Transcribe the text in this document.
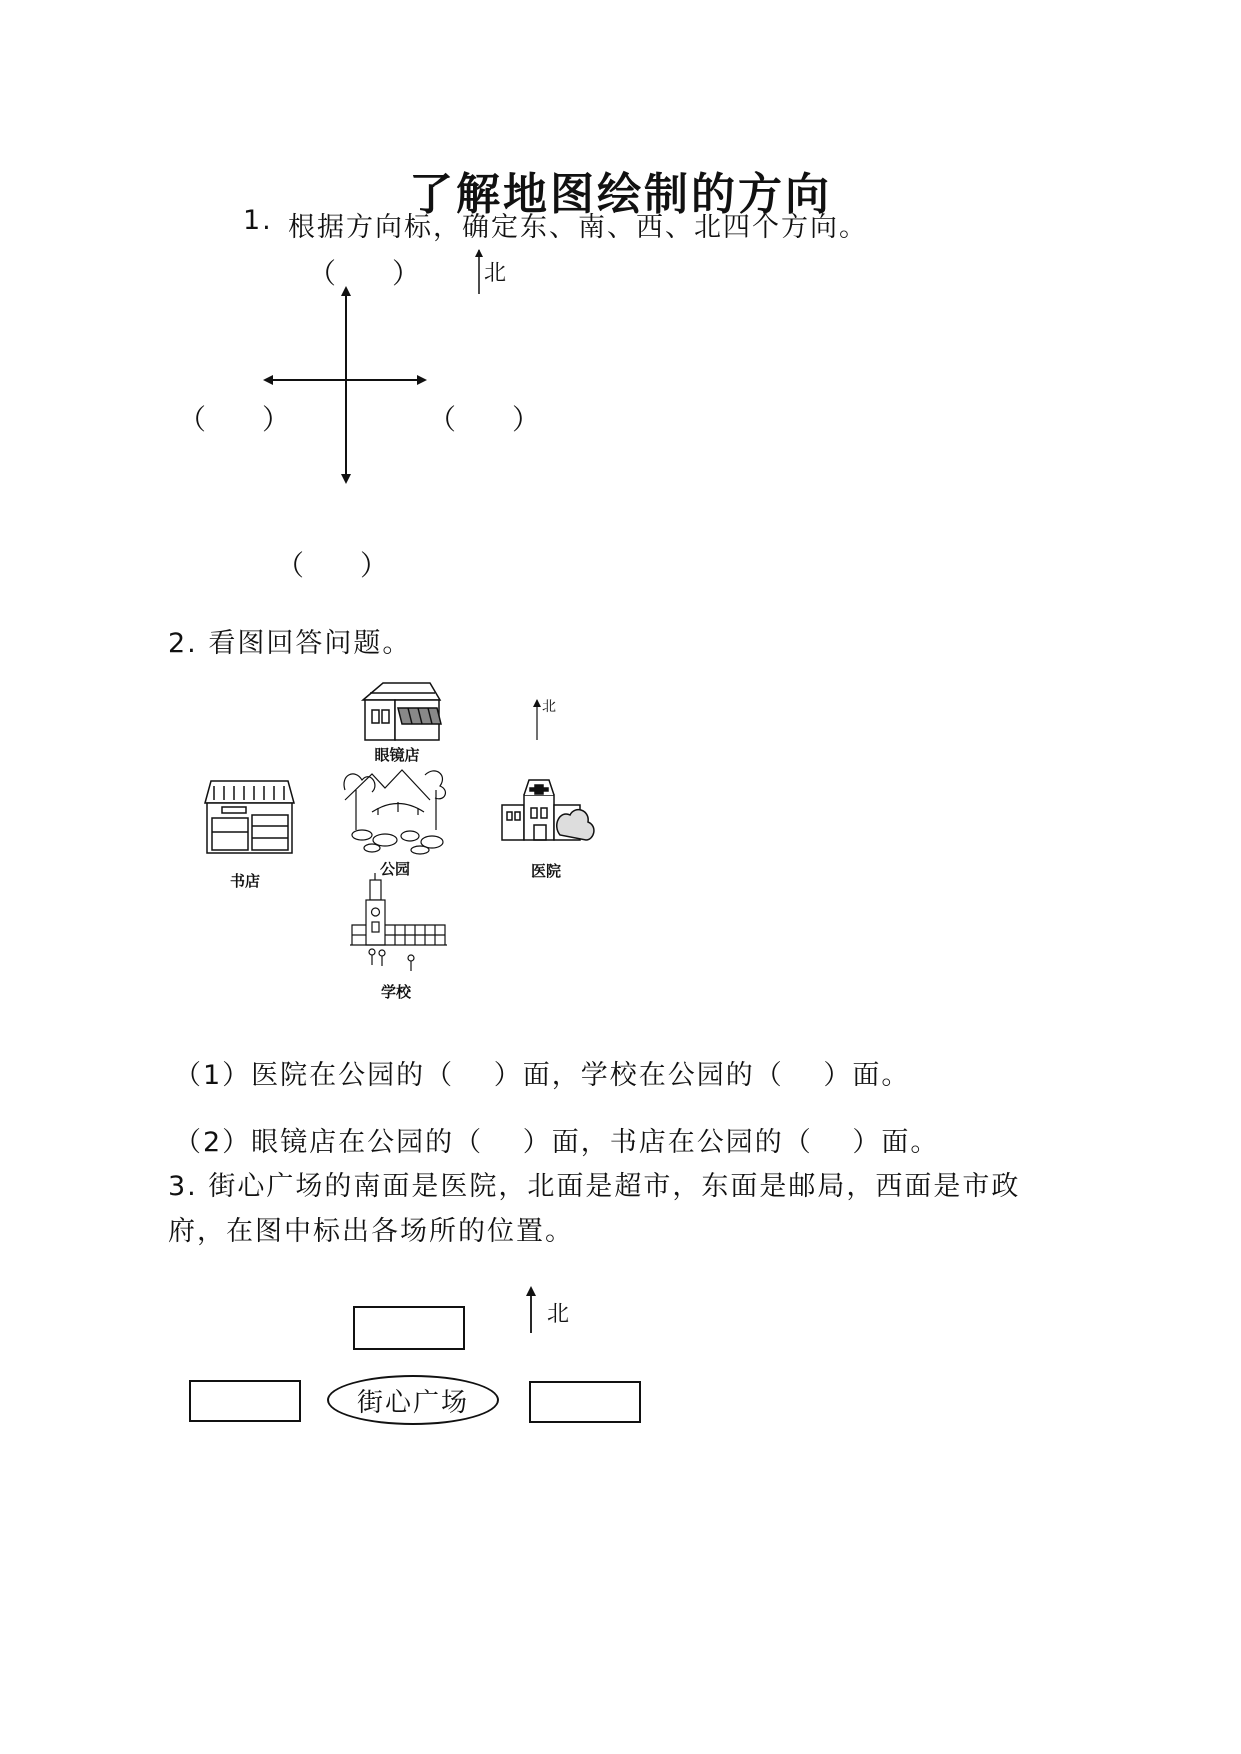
了解地图绘制的方向
1. 根据方向标，确定东、南、西、北四个方向。
北
（　　）
（　　）	（　　）
（　　）
2. 看图回答问题。
北
眼镜店
书店
公园	医院
学校
（1）医院在公园的（　 ）面，学校在公园的（　 ）面。
（2）眼镜店在公园的（　 ）面，书店在公园的（　 ）面。
3. 街心广场的南面是医院，北面是超市，东面是邮局，西面是市政
府，在图中标出各场所的位置。
北
街心广场
